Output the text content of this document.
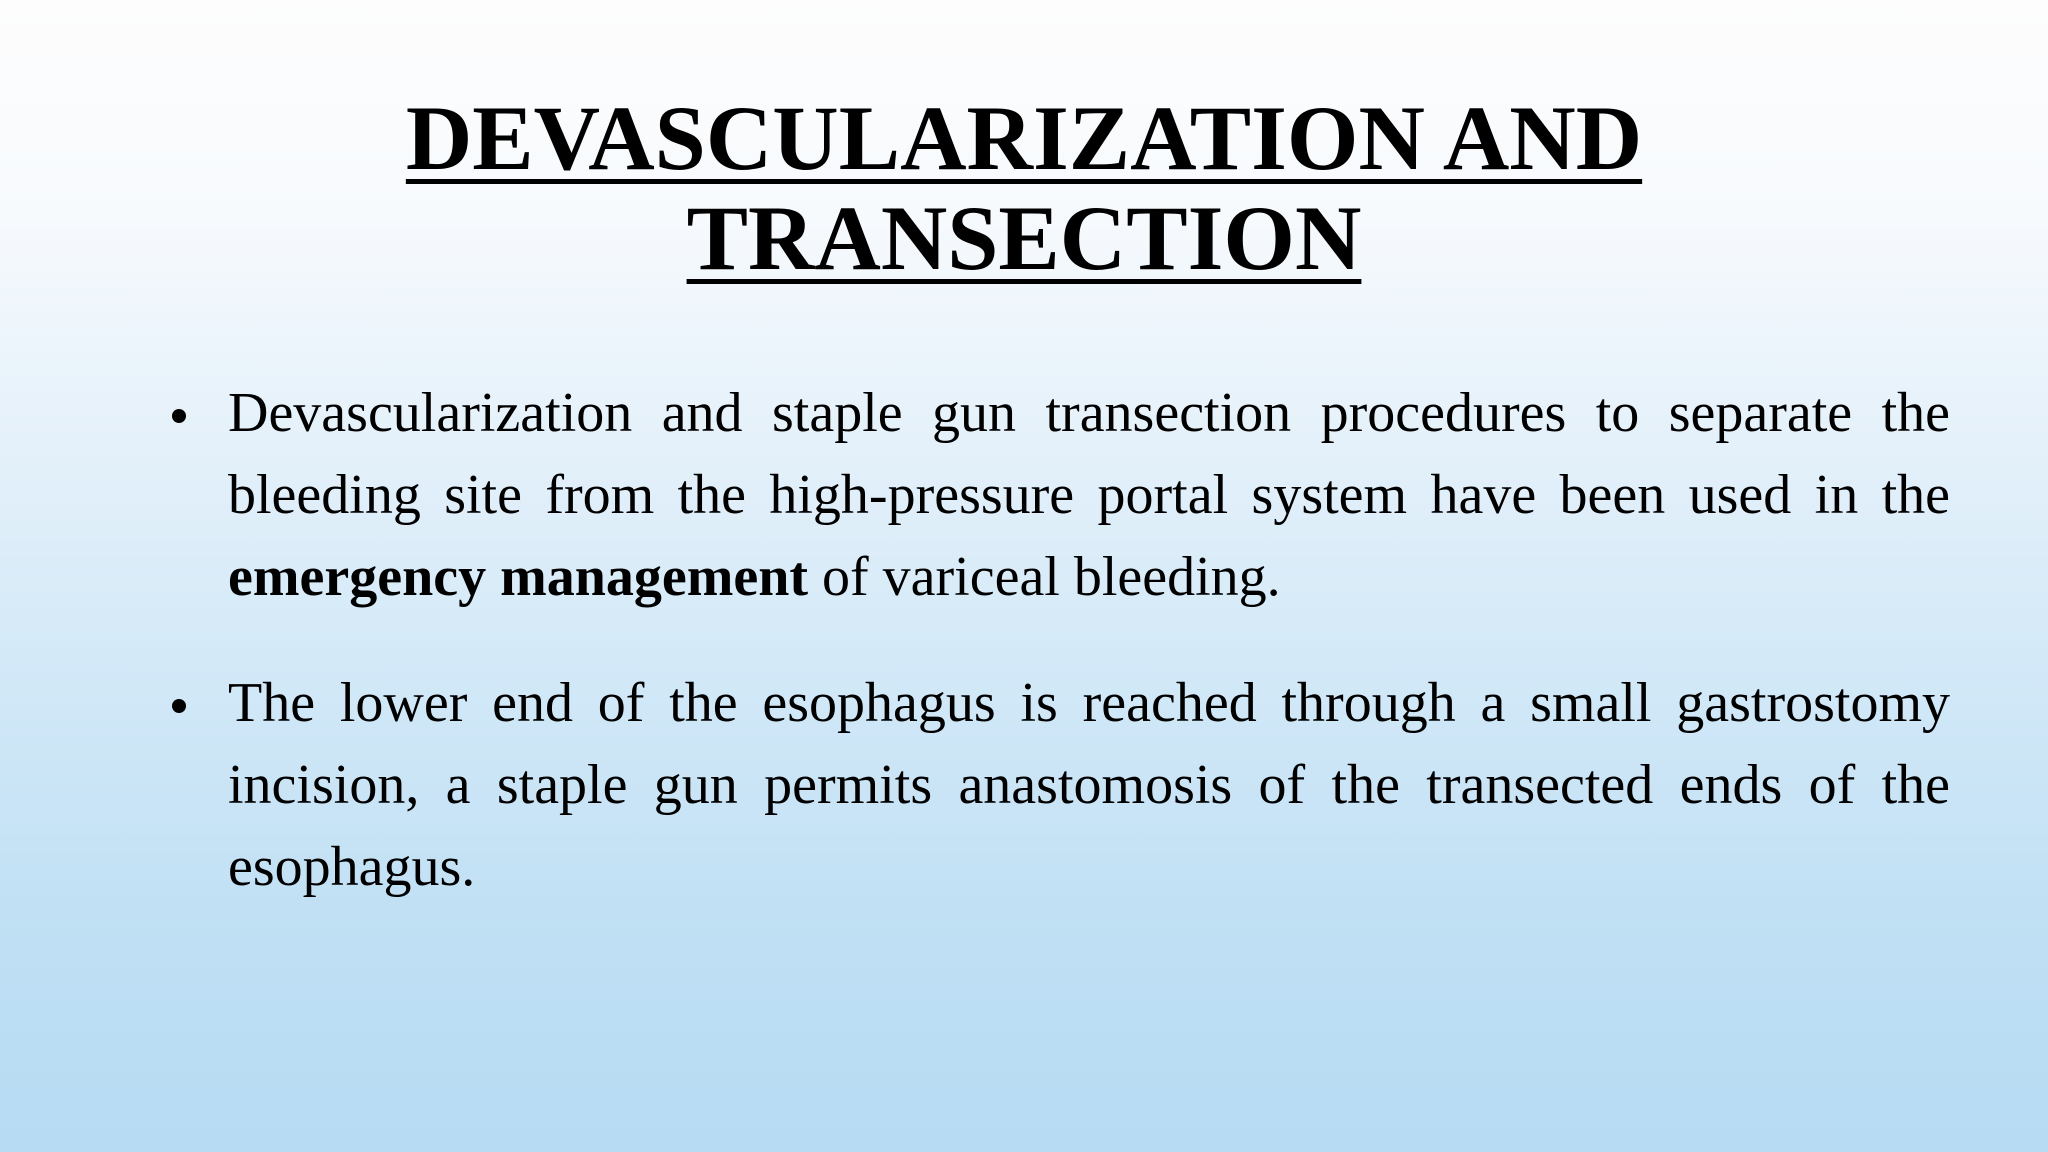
DEVASCULARIZATION AND
TRANSECTION
Devascularization and staple gun transection procedures to separate the bleeding site from the high-pressure portal system have been used in the emergency management of variceal bleeding.
The lower end of the esophagus is reached through a small gastrostomy incision, a staple gun permits anastomosis of the transected ends of the esophagus.
